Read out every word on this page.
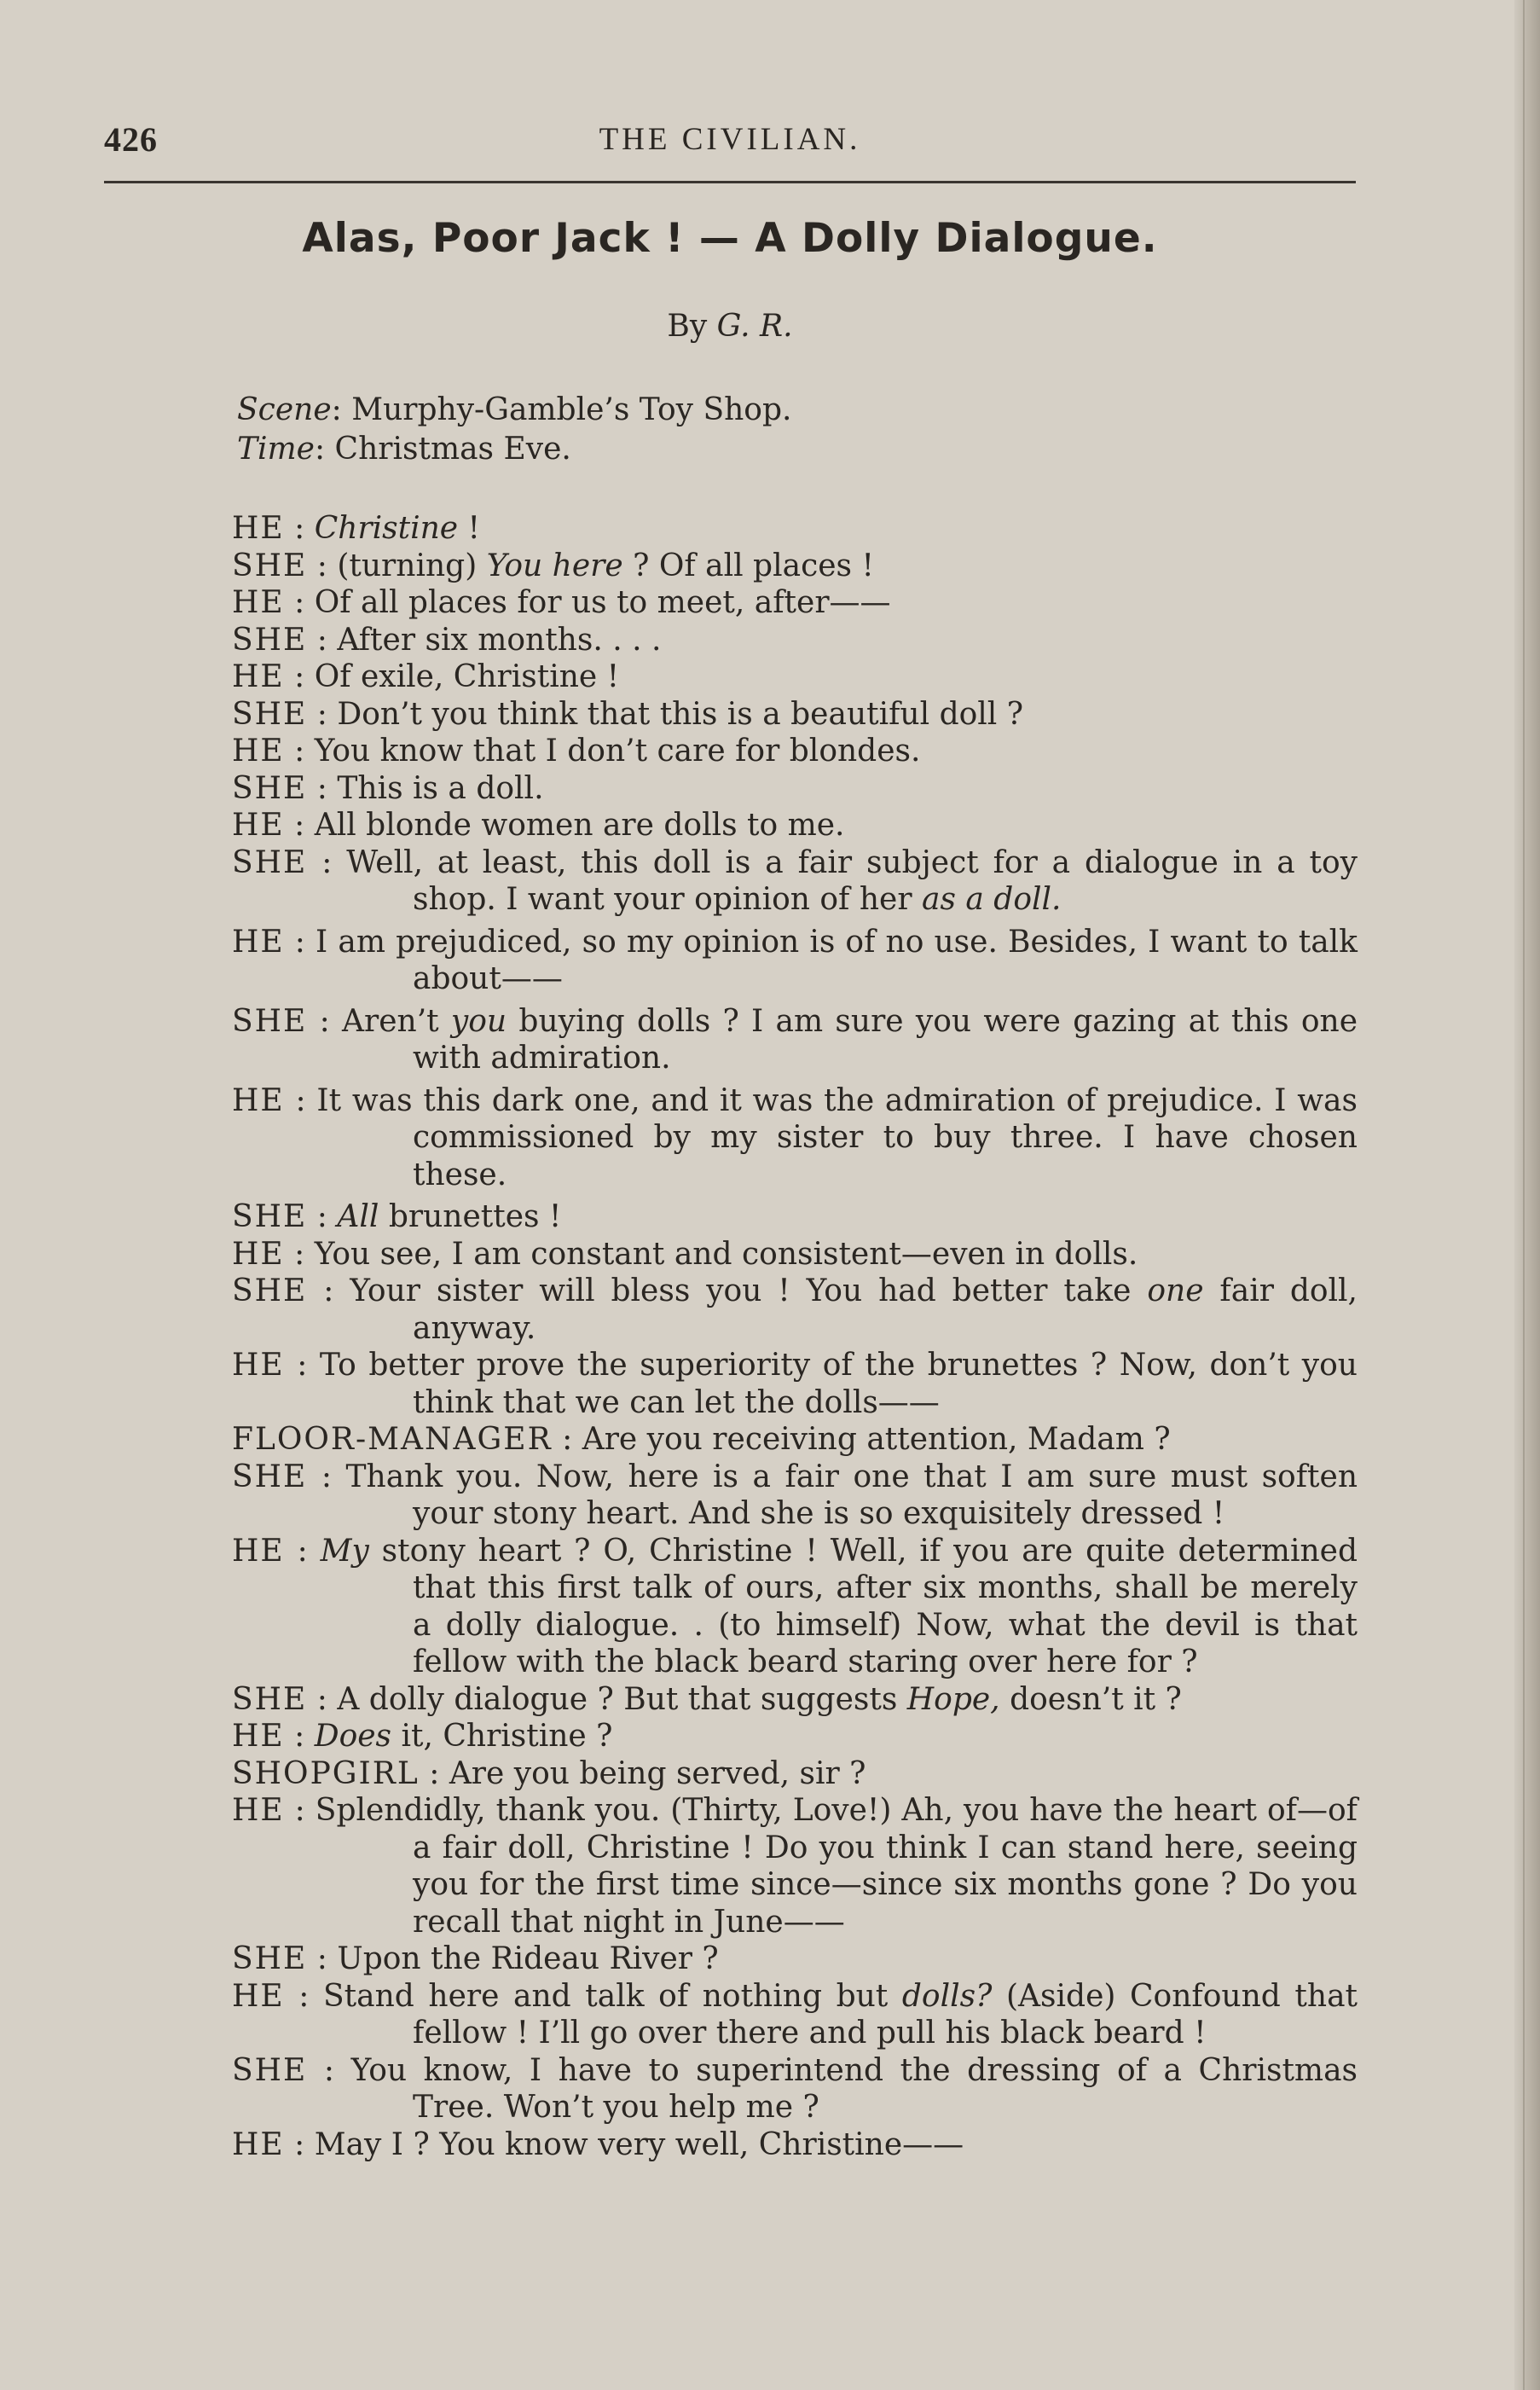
426	THE CIVILIAN.
Alas, Poor Jack ! — A Dolly Dialogue.
By G. R.
Scene: Murphy-Gamble’s Toy Shop.
Time: Christmas Eve.

HE : Christine !

SHE : (turning) You here ? Of all places !

HE : Of all places for us to meet, after——

SHE : After six months. . . .

HE : Of exile, Christine !

SHE : Don’t you think that this is a beautiful doll ?

HE : You know that I don’t care for blondes.

SHE : This is a doll.

HE : All blonde women are dolls to me.

SHE : Well, at least, this doll is a fair subject for a dialogue in a toy shop. I want your opinion of her as a doll.

HE : I am prejudiced, so my opinion is of no use. Besides, I want to talk about——

SHE : Aren’t you buying dolls ? I am sure you were gazing at this one with admiration.

HE : It was this dark one, and it was the admiration of prejudice. I was commissioned by my sister to buy three. I have chosen these.

SHE : All brunettes !

HE : You see, I am constant and consistent—even in dolls.

SHE : Your sister will bless you ! You had better take one fair doll, anyway.

HE : To better prove the superiority of the brunettes ? Now, don’t you think that we can let the dolls——

FLOOR-MANAGER : Are you receiving attention, Madam ?

SHE : Thank you. Now, here is a fair one that I am sure must soften your stony heart. And she is so exquisitely dressed !

HE : My stony heart ? O, Christine ! Well, if you are quite determined that this first talk of ours, after six months, shall be merely a dolly dialogue. . (to himself) Now, what the devil is that fellow with the black beard staring over here for ?

SHE : A dolly dialogue ? But that suggests Hope, doesn’t it ?

HE : Does it, Christine ?

SHOPGIRL : Are you being served, sir ?

HE : Splendidly, thank you. (Thirty, Love!) Ah, you have the heart of—of a fair doll, Christine ! Do you think I can stand here, seeing you for the first time since—since six months gone ? Do you recall that night in June——

SHE : Upon the Rideau River ?

HE : Stand here and talk of nothing but dolls? (Aside) Confound that fellow ! I’ll go over there and pull his black beard !

SHE : You know, I have to superintend the dressing of a Christmas Tree. Won’t you help me ?

HE : May I ? You know very well, Christine——
